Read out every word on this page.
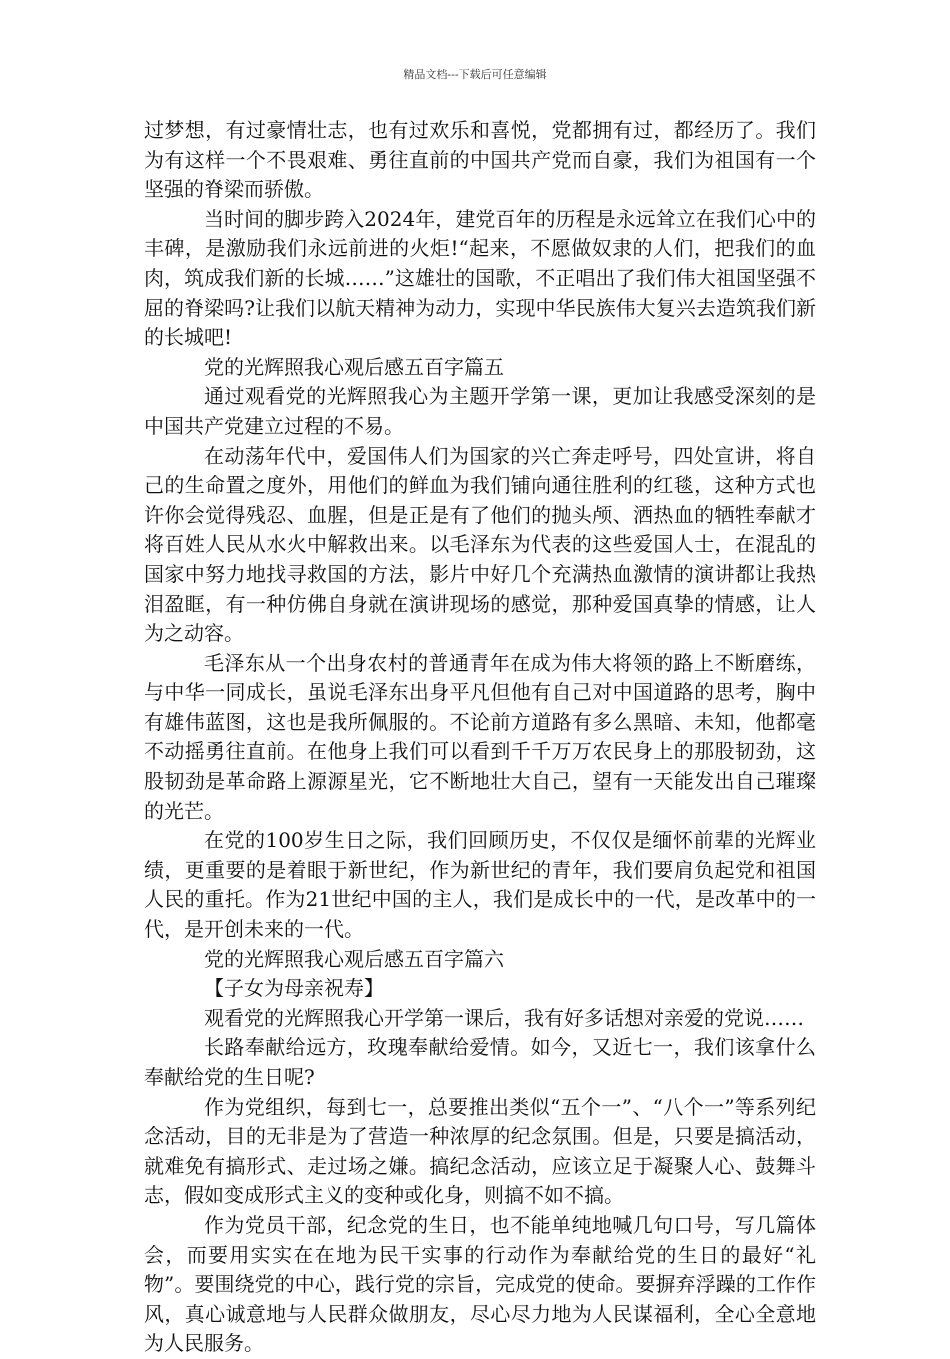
精品文档---下载后可任意编辑

过梦想，有过豪情壮志，也有过欢乐和喜悦，党都拥有过，都经历了。我们为有这样一个不畏艰难、勇往直前的中国共产党而自豪，我们为祖国有一个坚强的脊梁而骄傲。

当时间的脚步跨入2024年，建党百年的历程是永远耸立在我们心中的丰碑，是激励我们永远前进的火炬!“起来，不愿做奴隶的人们，把我们的血肉，筑成我们新的长城……”这雄壮的国歌，不正唱出了我们伟大祖国坚强不屈的脊梁吗?让我们以航天精神为动力，实现中华民族伟大复兴去造筑我们新的长城吧!

党的光辉照我心观后感五百字篇五

通过观看党的光辉照我心为主题开学第一课，更加让我感受深刻的是中国共产党建立过程的不易。

在动荡年代中，爱国伟人们为国家的兴亡奔走呼号，四处宣讲，将自己的生命置之度外，用他们的鲜血为我们铺向通往胜利的红毯，这种方式也许你会觉得残忍、血腥，但是正是有了他们的抛头颅、洒热血的牺牲奉献才将百姓人民从水火中解救出来。以毛泽东为代表的这些爱国人士，在混乱的国家中努力地找寻救国的方法，影片中好几个充满热血激情的演讲都让我热泪盈眶，有一种仿佛自身就在演讲现场的感觉，那种爱国真挚的情感，让人为之动容。

毛泽东从一个出身农村的普通青年在成为伟大将领的路上不断磨练，与中华一同成长，虽说毛泽东出身平凡但他有自己对中国道路的思考，胸中有雄伟蓝图，这也是我所佩服的。不论前方道路有多么黑暗、未知，他都毫不动摇勇往直前。在他身上我们可以看到千千万万农民身上的那股韧劲，这股韧劲是革命路上源源星光，它不断地壮大自己，望有一天能发出自己璀璨的光芒。

在党的100岁生日之际，我们回顾历史，不仅仅是缅怀前辈的光辉业绩，更重要的是着眼于新世纪，作为新世纪的青年，我们要肩负起党和祖国人民的重托。作为21世纪中国的主人，我们是成长中的一代，是改革中的一代，是开创未来的一代。

党的光辉照我心观后感五百字篇六

【子女为母亲祝寿】

观看党的光辉照我心开学第一课后，我有好多话想对亲爱的党说……

长路奉献给远方，玫瑰奉献给爱情。如今，又近七一，我们该拿什么奉献给党的生日呢?

作为党组织，每到七一，总要推出类似“五个一”、“八个一”等系列纪念活动，目的无非是为了营造一种浓厚的纪念氛围。但是，只要是搞活动，就难免有搞形式、走过场之嫌。搞纪念活动，应该立足于凝聚人心、鼓舞斗志，假如变成形式主义的变种或化身，则搞不如不搞。

作为党员干部，纪念党的生日，也不能单纯地喊几句口号，写几篇体会，而要用实实在在地为民干实事的行动作为奉献给党的生日的最好“礼物”。要围绕党的中心，践行党的宗旨，完成党的使命。要摒弃浮躁的工作作风，真心诚意地与人民群众做朋友，尽心尽力地为人民谋福利，全心全意地为人民服务。
